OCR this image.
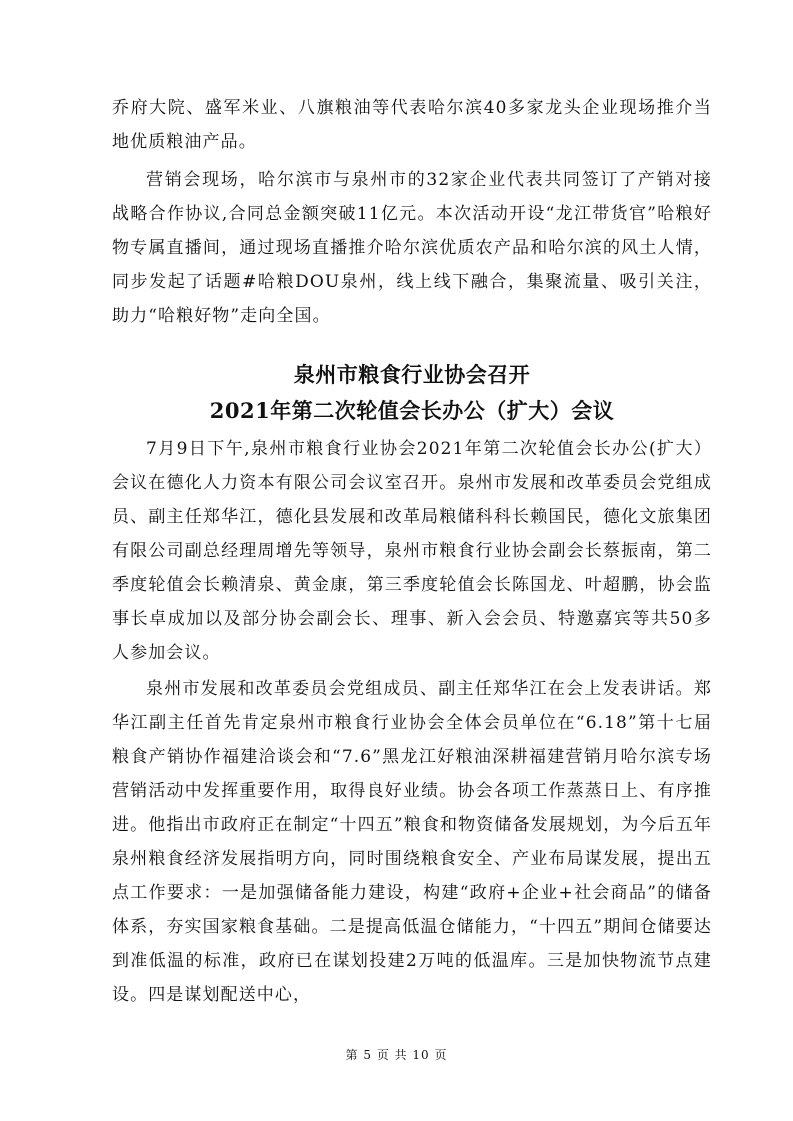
乔府大院、盛军米业、八旗粮油等代表哈尔滨40多家龙头企业现场推介当地优质粮油产品。

营销会现场，哈尔滨市与泉州市的32家企业代表共同签订了产销对接战略合作协议,合同总金额突破11亿元。本次活动开设“龙江带货官”哈粮好物专属直播间，通过现场直播推介哈尔滨优质农产品和哈尔滨的风土人情，同步发起了话题#哈粮DOU泉州，线上线下融合，集聚流量、吸引关注，助力“哈粮好物”走向全国。

泉州市粮食行业协会召开
2021年第二次轮值会长办公（扩大）会议

7月9日下午,泉州市粮食行业协会2021年第二次轮值会长办公(扩大）会议在德化人力资本有限公司会议室召开。泉州市发展和改革委员会党组成员、副主任郑华江，德化县发展和改革局粮储科科长赖国民，德化文旅集团有限公司副总经理周增先等领导，泉州市粮食行业协会副会长蔡振南，第二季度轮值会长赖清泉、黄金康，第三季度轮值会长陈国龙、叶超鹏，协会监事长卓成加以及部分协会副会长、理事、新入会会员、特邀嘉宾等共50多人参加会议。

泉州市发展和改革委员会党组成员、副主任郑华江在会上发表讲话。郑华江副主任首先肯定泉州市粮食行业协会全体会员单位在“6.18”第十七届粮食产销协作福建洽谈会和“7.6”黑龙江好粮油深耕福建营销月哈尔滨专场营销活动中发挥重要作用，取得良好业绩。协会各项工作蒸蒸日上、有序推进。他指出市政府正在制定“十四五”粮食和物资储备发展规划，为今后五年泉州粮食经济发展指明方向，同时围绕粮食安全、产业布局谋发展，提出五点工作要求：一是加强储备能力建设，构建“政府+企业+社会商品”的储备体系，夯实国家粮食基础。二是提高低温仓储能力，“十四五”期间仓储要达到准低温的标准，政府已在谋划投建2万吨的低温库。三是加快物流节点建设。四是谋划配送中心，

第 5 页 共 10 页
